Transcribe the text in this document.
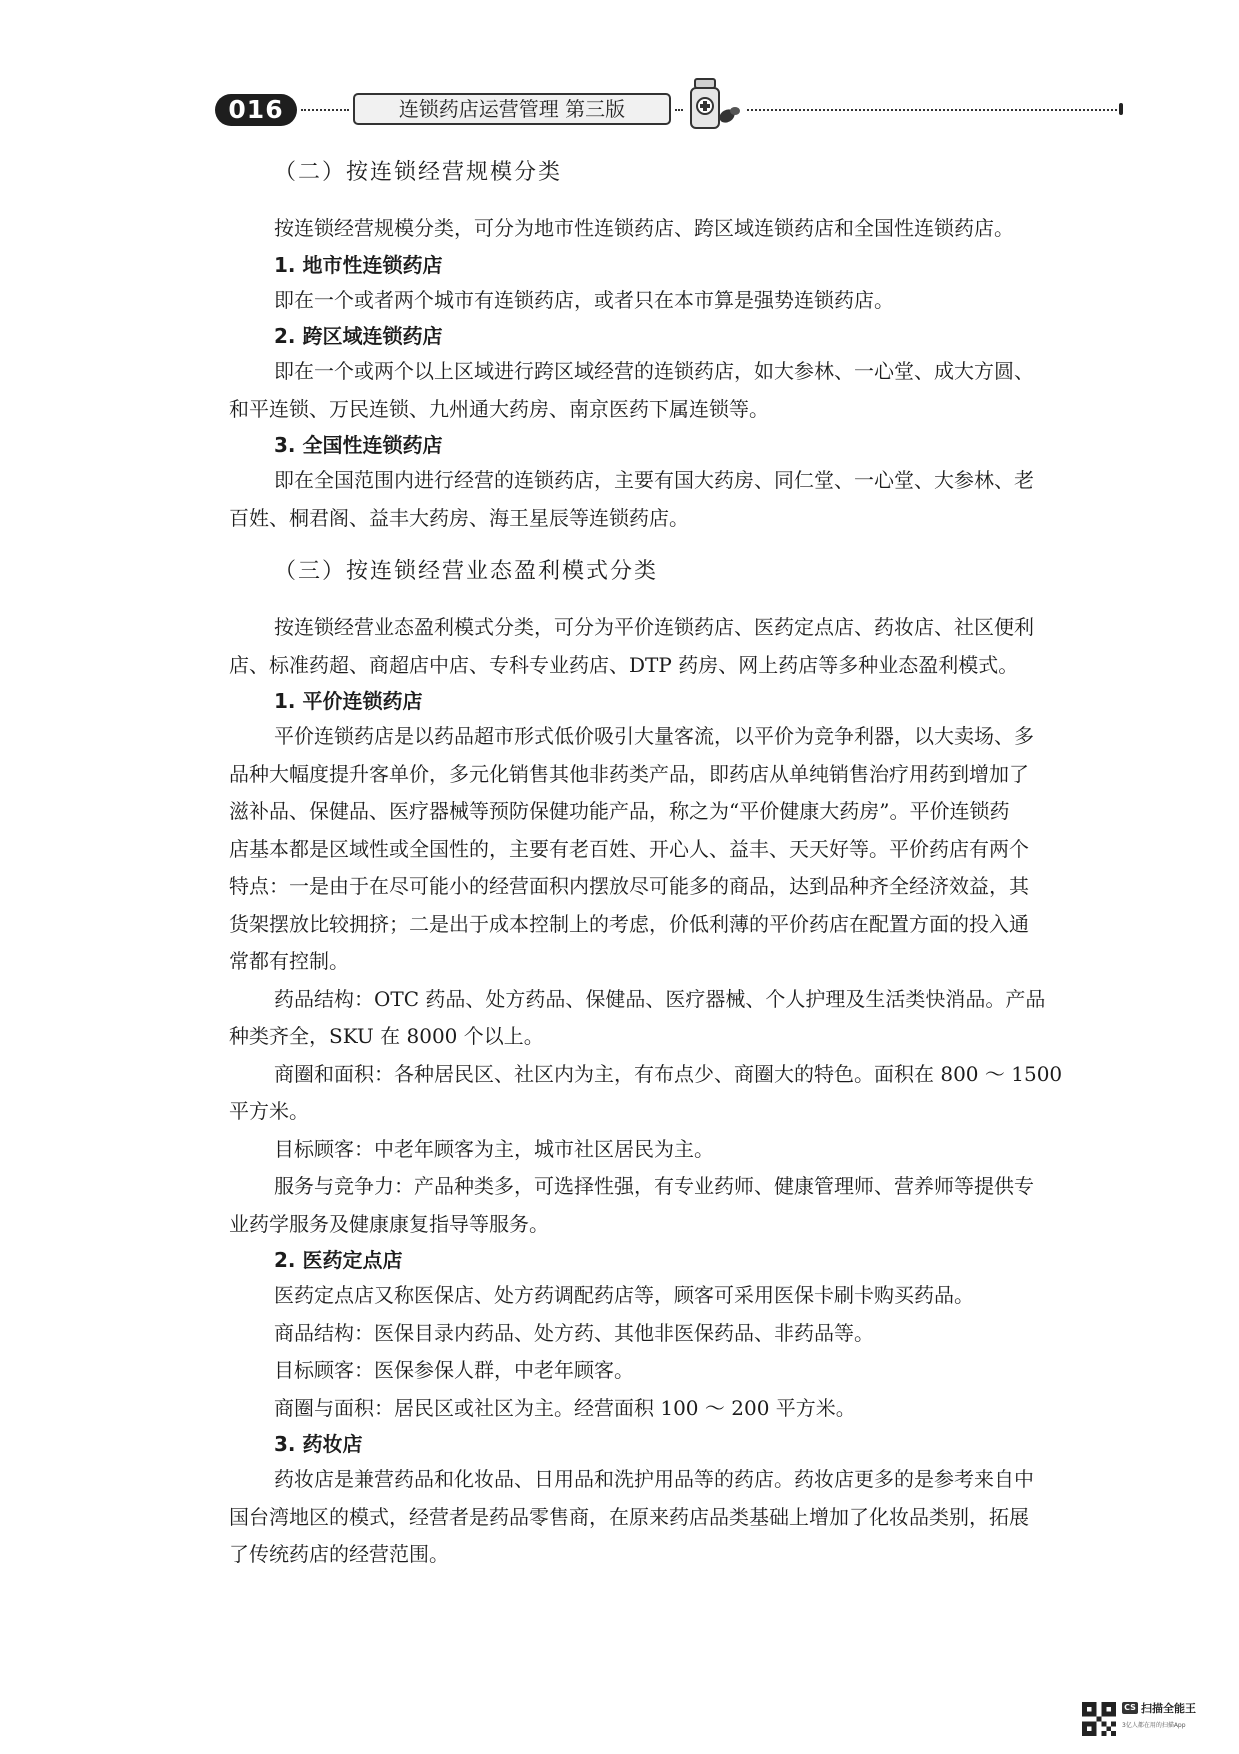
016	连锁药店运营管理 第三版
（二）按连锁经营规模分类
按连锁经营规模分类，可分为地市性连锁药店、跨区域连锁药店和全国性连锁药店。
1. 地市性连锁药店
即在一个或者两个城市有连锁药店，或者只在本市算是强势连锁药店。
2. 跨区域连锁药店
即在一个或两个以上区域进行跨区域经营的连锁药店，如大参林、一心堂、成大方圆、
和平连锁、万民连锁、九州通大药房、南京医药下属连锁等。
3. 全国性连锁药店
即在全国范围内进行经营的连锁药店，主要有国大药房、同仁堂、一心堂、大参林、老
百姓、桐君阁、益丰大药房、海王星辰等连锁药店。
（三）按连锁经营业态盈利模式分类
按连锁经营业态盈利模式分类，可分为平价连锁药店、医药定点店、药妆店、社区便利
店、标准药超、商超店中店、专科专业药店、DTP 药房、网上药店等多种业态盈利模式。
1. 平价连锁药店
平价连锁药店是以药品超市形式低价吸引大量客流，以平价为竞争利器，以大卖场、多
品种大幅度提升客单价，多元化销售其他非药类产品，即药店从单纯销售治疗用药到增加了
滋补品、保健品、医疗器械等预防保健功能产品，称之为“平价健康大药房”。平价连锁药
店基本都是区域性或全国性的，主要有老百姓、开心人、益丰、天天好等。平价药店有两个
特点：一是由于在尽可能小的经营面积内摆放尽可能多的商品，达到品种齐全经济效益，其
货架摆放比较拥挤；二是出于成本控制上的考虑，价低利薄的平价药店在配置方面的投入通
常都有控制。
药品结构：OTC 药品、处方药品、保健品、医疗器械、个人护理及生活类快消品。产品
种类齐全，SKU 在 8000 个以上。
商圈和面积：各种居民区、社区内为主，有布点少、商圈大的特色。面积在 800 ～ 1500
平方米。
目标顾客：中老年顾客为主，城市社区居民为主。
服务与竞争力：产品种类多，可选择性强，有专业药师、健康管理师、营养师等提供专
业药学服务及健康康复指导等服务。
2. 医药定点店
医药定点店又称医保店、处方药调配药店等，顾客可采用医保卡刷卡购买药品。
商品结构：医保目录内药品、处方药、其他非医保药品、非药品等。
目标顾客：医保参保人群，中老年顾客。
商圈与面积：居民区或社区为主。经营面积 100 ～ 200 平方米。
3. 药妆店
药妆店是兼营药品和化妆品、日用品和洗护用品等的药店。药妆店更多的是参考来自中
国台湾地区的模式，经营者是药品零售商，在原来药店品类基础上增加了化妆品类别，拓展
了传统药店的经营范围。
CS 扫描全能王
3亿人都在用的扫描App
